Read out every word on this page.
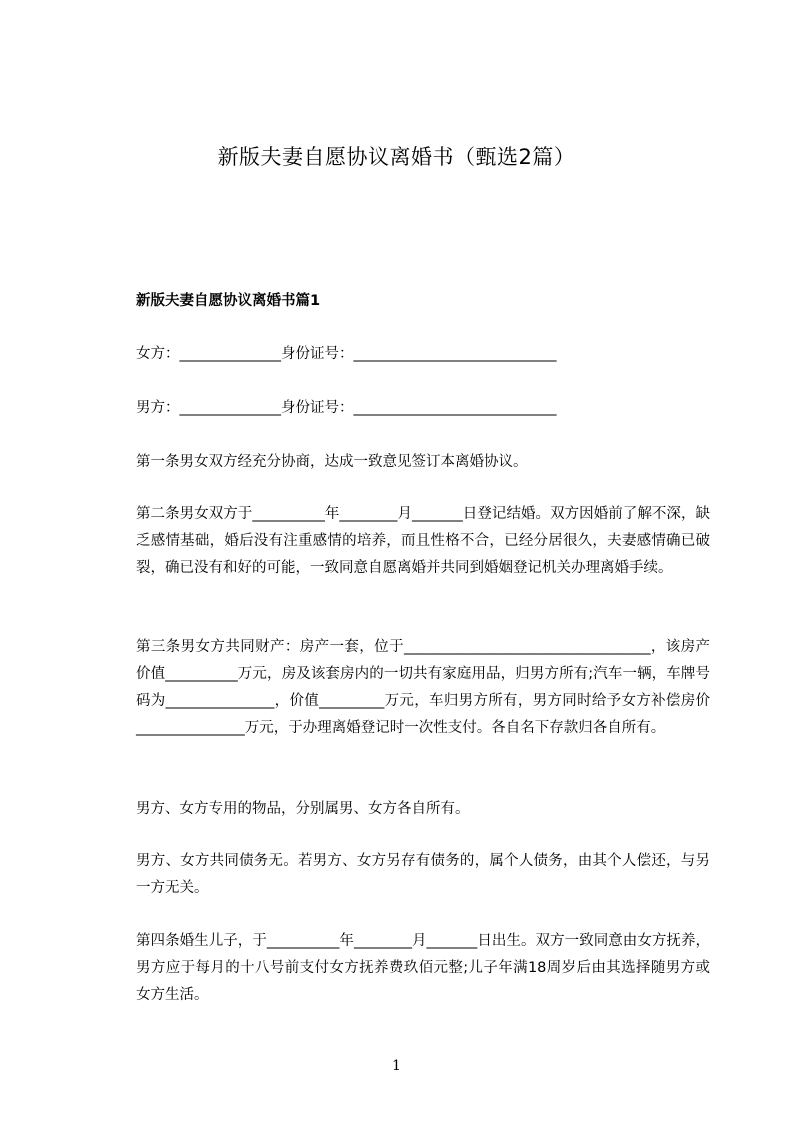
新版夫妻自愿协议离婚书（甄选2篇）
新版夫妻自愿协议离婚书篇1
女方：______________身份证号：____________________________
男方：______________身份证号：____________________________
第一条男女双方经充分协商，达成一致意见签订本离婚协议。
第二条男女双方于__________年________月_______日登记结婚。双方因婚前了解不深，缺乏感情基础，婚后没有注重感情的培养，而且性格不合，已经分居很久，夫妻感情确已破裂，确已没有和好的可能，一致同意自愿离婚并共同到婚姻登记机关办理离婚手续。
第三条男女方共同财产：房产一套，位于__________________________________，该房产价值__________万元，房及该套房内的一切共有家庭用品，归男方所有;汽车一辆，车牌号码为_______________，价值_________万元，车归男方所有，男方同时给予女方补偿房价_______________万元，于办理离婚登记时一次性支付。各自名下存款归各自所有。
男方、女方专用的物品，分别属男、女方各自所有。
男方、女方共同债务无。若男方、女方另存有债务的，属个人债务，由其个人偿还，与另一方无关。
第四条婚生儿子，于__________年________月_______日出生。双方一致同意由女方抚养，男方应于每月的十八号前支付女方抚养费玖佰元整;儿子年满18周岁后由其选择随男方或女方生活。
1
